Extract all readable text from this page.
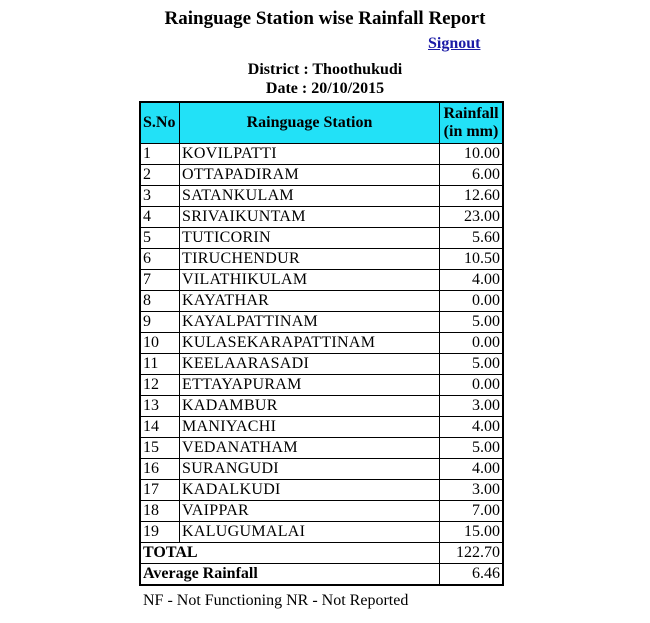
Rainguage Station wise Rainfall Report
Signout
District : Thoothukudi
Date : 20/10/2015
S.No	Rainguage Station	Rainfall
(in mm)
1	KOVILPATTI	10.00
2	OTTAPADIRAM	6.00
3	SATANKULAM	12.60
4	SRIVAIKUNTAM	23.00
5	TUTICORIN	5.60
6	TIRUCHENDUR	10.50
7	VILATHIKULAM	4.00
8	KAYATHAR	0.00
9	KAYALPATTINAM	5.00
10	KULASEKARAPATTINAM	0.00
11	KEELAARASADI	5.00
12	ETTAYAPURAM	0.00
13	KADAMBUR	3.00
14	MANIYACHI	4.00
15	VEDANATHAM	5.00
16	SURANGUDI	4.00
17	KADALKUDI	3.00
18	VAIPPAR	7.00
19	KALUGUMALAI	15.00
TOTAL		122.70
Average Rainfall		6.46
NF - Not Functioning NR - Not Reported
